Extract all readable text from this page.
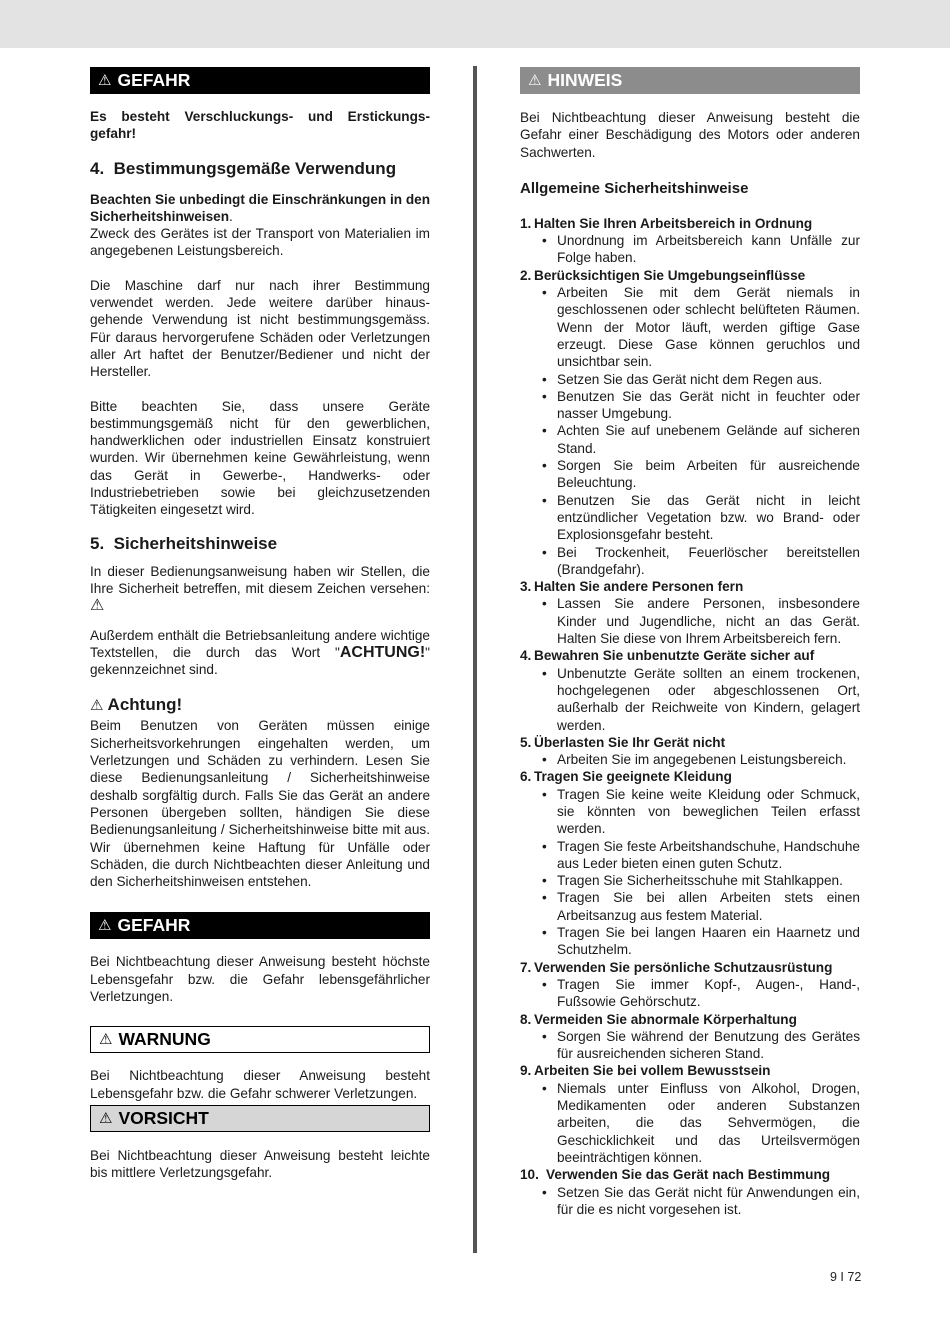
⚠ GEFAHR

Es besteht Verschluckungs- und Erstickungs-gefahr!

4.  Bestimmungsgemäße Verwendung

Beachten Sie unbedingt die Einschränkungen in den Sicherheitshinweisen.

Zweck des Gerätes ist der Transport von Materialien im angegebenen Leistungsbereich.

Die Maschine darf nur nach ihrer Bestimmung verwendet werden. Jede weitere darüber hinaus-gehende Verwendung ist nicht bestimmungsgemäss. Für daraus hervorgerufene Schäden oder Verletzungen aller Art haftet der Benutzer/Bediener und nicht der Hersteller.

Bitte beachten Sie, dass unsere Geräte bestimmungsgemäß nicht für den gewerblichen, handwerklichen oder industriellen Einsatz konstruiert wurden. Wir übernehmen keine Gewährleistung, wenn das Gerät in Gewerbe-, Handwerks- oder Industriebetrieben sowie bei gleichzusetzenden Tätigkeiten eingesetzt wird.

5.  Sicherheitshinweise

In dieser Bedienungsanweisung haben wir Stellen, die Ihre Sicherheit betreffen, mit diesem Zeichen versehen: ⚠

Außerdem enthält die Betriebsanleitung andere wichtige Textstellen, die durch das Wort "ACHTUNG!" gekennzeichnet sind.

⚠ Achtung!

Beim Benutzen von Geräten müssen einige Sicherheitsvorkehrungen eingehalten werden, um Verletzungen und Schäden zu verhindern. Lesen Sie diese Bedienungsanleitung / Sicherheitshinweise deshalb sorgfältig durch. Falls Sie das Gerät an andere Personen übergeben sollten, händigen Sie diese Bedienungsanleitung / Sicherheitshinweise bitte mit aus. Wir übernehmen keine Haftung für Unfälle oder Schäden, die durch Nichtbeachten dieser Anleitung und den Sicherheitshinweisen entstehen.

⚠ GEFAHR

Bei Nichtbeachtung dieser Anweisung besteht höchste Lebensgefahr bzw. die Gefahr lebensgefährlicher Verletzungen.

⚠ WARNUNG

Bei Nichtbeachtung dieser Anweisung besteht Lebensgefahr bzw. die Gefahr schwerer Verletzungen.

⚠ VORSICHT

Bei Nichtbeachtung dieser Anweisung besteht leichte bis mittlere Verletzungsgefahr.

⚠ HINWEIS

Bei Nichtbeachtung dieser Anweisung besteht die Gefahr einer Beschädigung des Motors oder anderen Sachwerten.

Allgemeine Sicherheitshinweise
1. Halten Sie Ihren Arbeitsbereich in Ordnung
• Unordnung im Arbeitsbereich kann Unfälle zur Folge haben.
2. Berücksichtigen Sie Umgebungseinflüsse
• Arbeiten Sie mit dem Gerät niemals in geschlossenen oder schlecht belüfteten Räumen. Wenn der Motor läuft, werden giftige Gase erzeugt. Diese Gase können geruchlos und unsichtbar sein.
• Setzen Sie das Gerät nicht dem Regen aus.
• Benutzen Sie das Gerät nicht in feuchter oder nasser Umgebung.
• Achten Sie auf unebenem Gelände auf sicheren Stand.
• Sorgen Sie beim Arbeiten für ausreichende Beleuchtung.
• Benutzen Sie das Gerät nicht in leicht entzündlicher Vegetation bzw. wo Brand- oder Explosionsgefahr besteht.
• Bei Trockenheit, Feuerlöscher bereitstellen (Brandgefahr).
3. Halten Sie andere Personen fern
• Lassen Sie andere Personen, insbesondere Kinder und Jugendliche, nicht an das Gerät. Halten Sie diese von Ihrem Arbeitsbereich fern.
4. Bewahren Sie unbenutzte Geräte sicher auf
• Unbenutzte Geräte sollten an einem trockenen, hochgelegenen oder abgeschlossenen Ort, außerhalb der Reichweite von Kindern, gelagert werden.
5. Überlasten Sie Ihr Gerät nicht
• Arbeiten Sie im angegebenen Leistungsbereich.
6. Tragen Sie geeignete Kleidung
• Tragen Sie keine weite Kleidung oder Schmuck, sie könnten von beweglichen Teilen erfasst werden.
• Tragen Sie feste Arbeitshandschuhe, Handschuhe aus Leder bieten einen guten Schutz.
• Tragen Sie Sicherheitsschuhe mit Stahlkappen.
• Tragen Sie bei allen Arbeiten stets einen Arbeitsanzug aus festem Material.
• Tragen Sie bei langen Haaren ein Haarnetz und Schutzhelm.
7. Verwenden Sie persönliche Schutzausrüstung
• Tragen Sie immer Kopf-, Augen-, Hand-, Fußsowie Gehörschutz.
8. Vermeiden Sie abnormale Körperhaltung
• Sorgen Sie während der Benutzung des Gerätes für ausreichenden sicheren Stand.
9. Arbeiten Sie bei vollem Bewusstsein
• Niemals unter Einfluss von Alkohol, Drogen, Medikamenten oder anderen Substanzen arbeiten, die das Sehvermögen, die Geschicklichkeit und das Urteilsvermögen beeinträchtigen können.
10. Verwenden Sie das Gerät nach Bestimmung
• Setzen Sie das Gerät nicht für Anwendungen ein, für die es nicht vorgesehen ist.
9 I 72
